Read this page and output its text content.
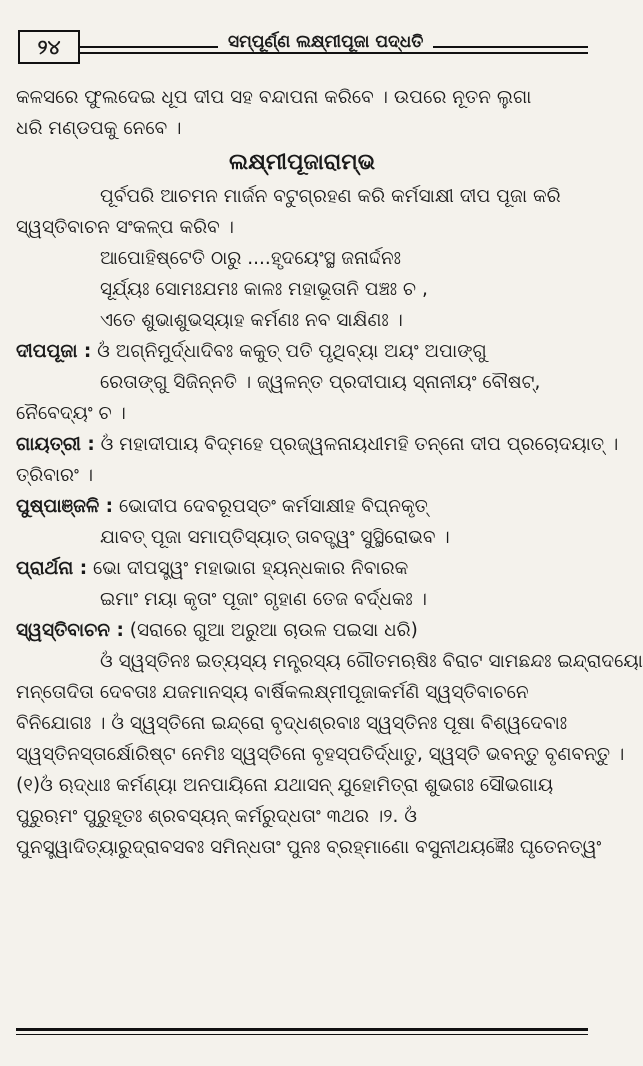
୨୪	ସମ୍ପୂର୍ଣ୍ଣ ଲକ୍ଷ୍ମୀପୂଜା ପଦ୍ଧତି
କଳସରେ ଫୁଲଦେଇ ଧୂପ ଦୀପ ସହ ବନ୍ଦାପନା କରିବେ । ଉପରେ ନୂତନ ଲୁଗା
ଧରି ମଣ୍ଡପକୁ ନେବେ ।
ଲକ୍ଷ୍ମୀପୂଜାରାମ୍ଭ
ପୂର୍ବପରି ଆଚମନ ମାର୍ଜନ ବଟୁଗ୍ରହଣ କରି କର୍ମସାକ୍ଷୀ ଦୀପ ପୂଜା କରି
ସ୍ୱସ୍ତିବାଚନ ସଂକଳ୍ପ କରିବ ।
ଆପୋହିଷ୍ଟେତି ଠାରୁ ....ହୃଦୟେଂସ୍ଥ ଜନାର୍ଦ୍ଦନଃ
ସୂର୍ଯ୍ୟଃ ସୋମଃଯମଃ କାଳଃ ମହାଭୂତାନି ପଞ୍ଚଃ ଚ ,
ଏତେ ଶୁଭାଶୁଭସ୍ୟାହ କର୍ମଣଃ ନବ ସାକ୍ଷିଣଃ ।
ଦୀପପୂଜା : ଓଁ ଅଗ୍ନିମୁର୍ଦ୍ଧାଦିବଃ କକୁତ୍ ପତି ପୃଥିବ୍ୟା ଅୟଂ ଅପାଙ୍ଗୁ
ରେତାଙ୍ଗୁ ସିଜିନ୍ନତି । ଜ୍ୱଳନ୍ତ ପ୍ରଦୀପାୟ ସ୍ନାନୀୟଂ ବୌଷଟ୍,
ନୈବେଦ୍ୟଂ ଚ ।
ଗାୟତ୍ରୀ : ଓଁ ମହାଦୀପାୟ ବିଦ୍ମହେ ପ୍ରଜ୍ୱଳନାୟଧୀମହି ତନ୍ନୋ ଦୀପ ପ୍ରଚୋଦୟାତ୍ ।
ତ୍ରିବାରଂ ।
ପୁଷ୍ପାଞ୍ଜଳି : ଭୋଦୀପ ଦେବରୂପସ୍ତଂ କର୍ମସାକ୍ଷୀହ ବିଘ୍ନକୃତ୍
ଯାବତ୍ ପୂଜା ସମାପ୍ତିସ୍ୟାତ୍ ତାବତ୍ତ୍ୱଂ ସୁସ୍ଥିରୋଭବ ।
ପ୍ରାର୍ଥନା : ଭୋ ଦୀପସ୍ତ୍ୱଂ ମହାଭାଗ ହ୍ୟନ୍ଧକାର ନିବାରକ
ଇମାଂ ମୟା କୃତାଂ ପୂଜାଂ ଗୃହାଣ ତେଜ ବର୍ଦ୍ଧକଃ ।
ସ୍ୱସ୍ତିବାଚନ : (ସରାରେ ଗୁଆ ଅରୁଆ ଚାଉଳ ପଇସା ଧରି)
ଓଁ ସ୍ୱସ୍ତିନଃ ଇତ୍ୟସ୍ୟ ମନ୍ତ୍ରସ୍ୟ ଗୌତମଋଷିଃ ବିରାଟ ସାମଛନ୍ଦଃ ଇନ୍ଦ୍ରାଦୟୋ
ମନ୍ତୋଦିତା ଦେବତାଃ ଯଜମାନସ୍ୟ ବାର୍ଷିକଲକ୍ଷ୍ମୀପୂଜାକର୍ମଣି ସ୍ୱସ୍ତିବାଚନେ
ବିନିଯୋଗଃ । ଓଁ ସ୍ୱସ୍ତିନୋ ଇନ୍ଦ୍ରୋ ବୃଦ୍ଧଶ୍ରବାଃ ସ୍ୱସ୍ତିନଃ ପୂଷା ବିଶ୍ୱଦେବାଃ
ସ୍ୱସ୍ତିନସ୍ତାର୍କ୍ଷୋରିଷ୍ଟ ନେମିଃ ସ୍ୱସ୍ତିନୋ ବୃହସ୍ପତିର୍ଦ୍ଧାତୁ, ସ୍ୱସ୍ତି ଭବନ୍ତୁ ବୃଣବନ୍ତୁ ।
(୧)ଓଁ ଋଦ୍ଧାଃ କର୍ମଣ୍ୟା ଅନପାୟିନୋ ଯଥାସନ୍ ଯୁହୋମିତ୍ରା ଶୁଭଗଃ ସୌଭଗାୟ
ପୁରୁଋମଂ ପୁରୁହୂତଃ ଶ୍ରବସ୍ୟନ୍ କର୍ମରୁଦ୍ଧତାଂ ୩ଥର ।୨. ଓଁ
ପୁନସ୍ତ୍ୱାଦିତ୍ୟାରୁଦ୍ରାବସବଃ ସମିନ୍ଧତାଂ ପୁନଃ ବ୍ରହ୍ମାଣୋ ବସୁନୀଥୟଜ୍ଞୈଃ ଘୃତେନତ୍ୱଂ
